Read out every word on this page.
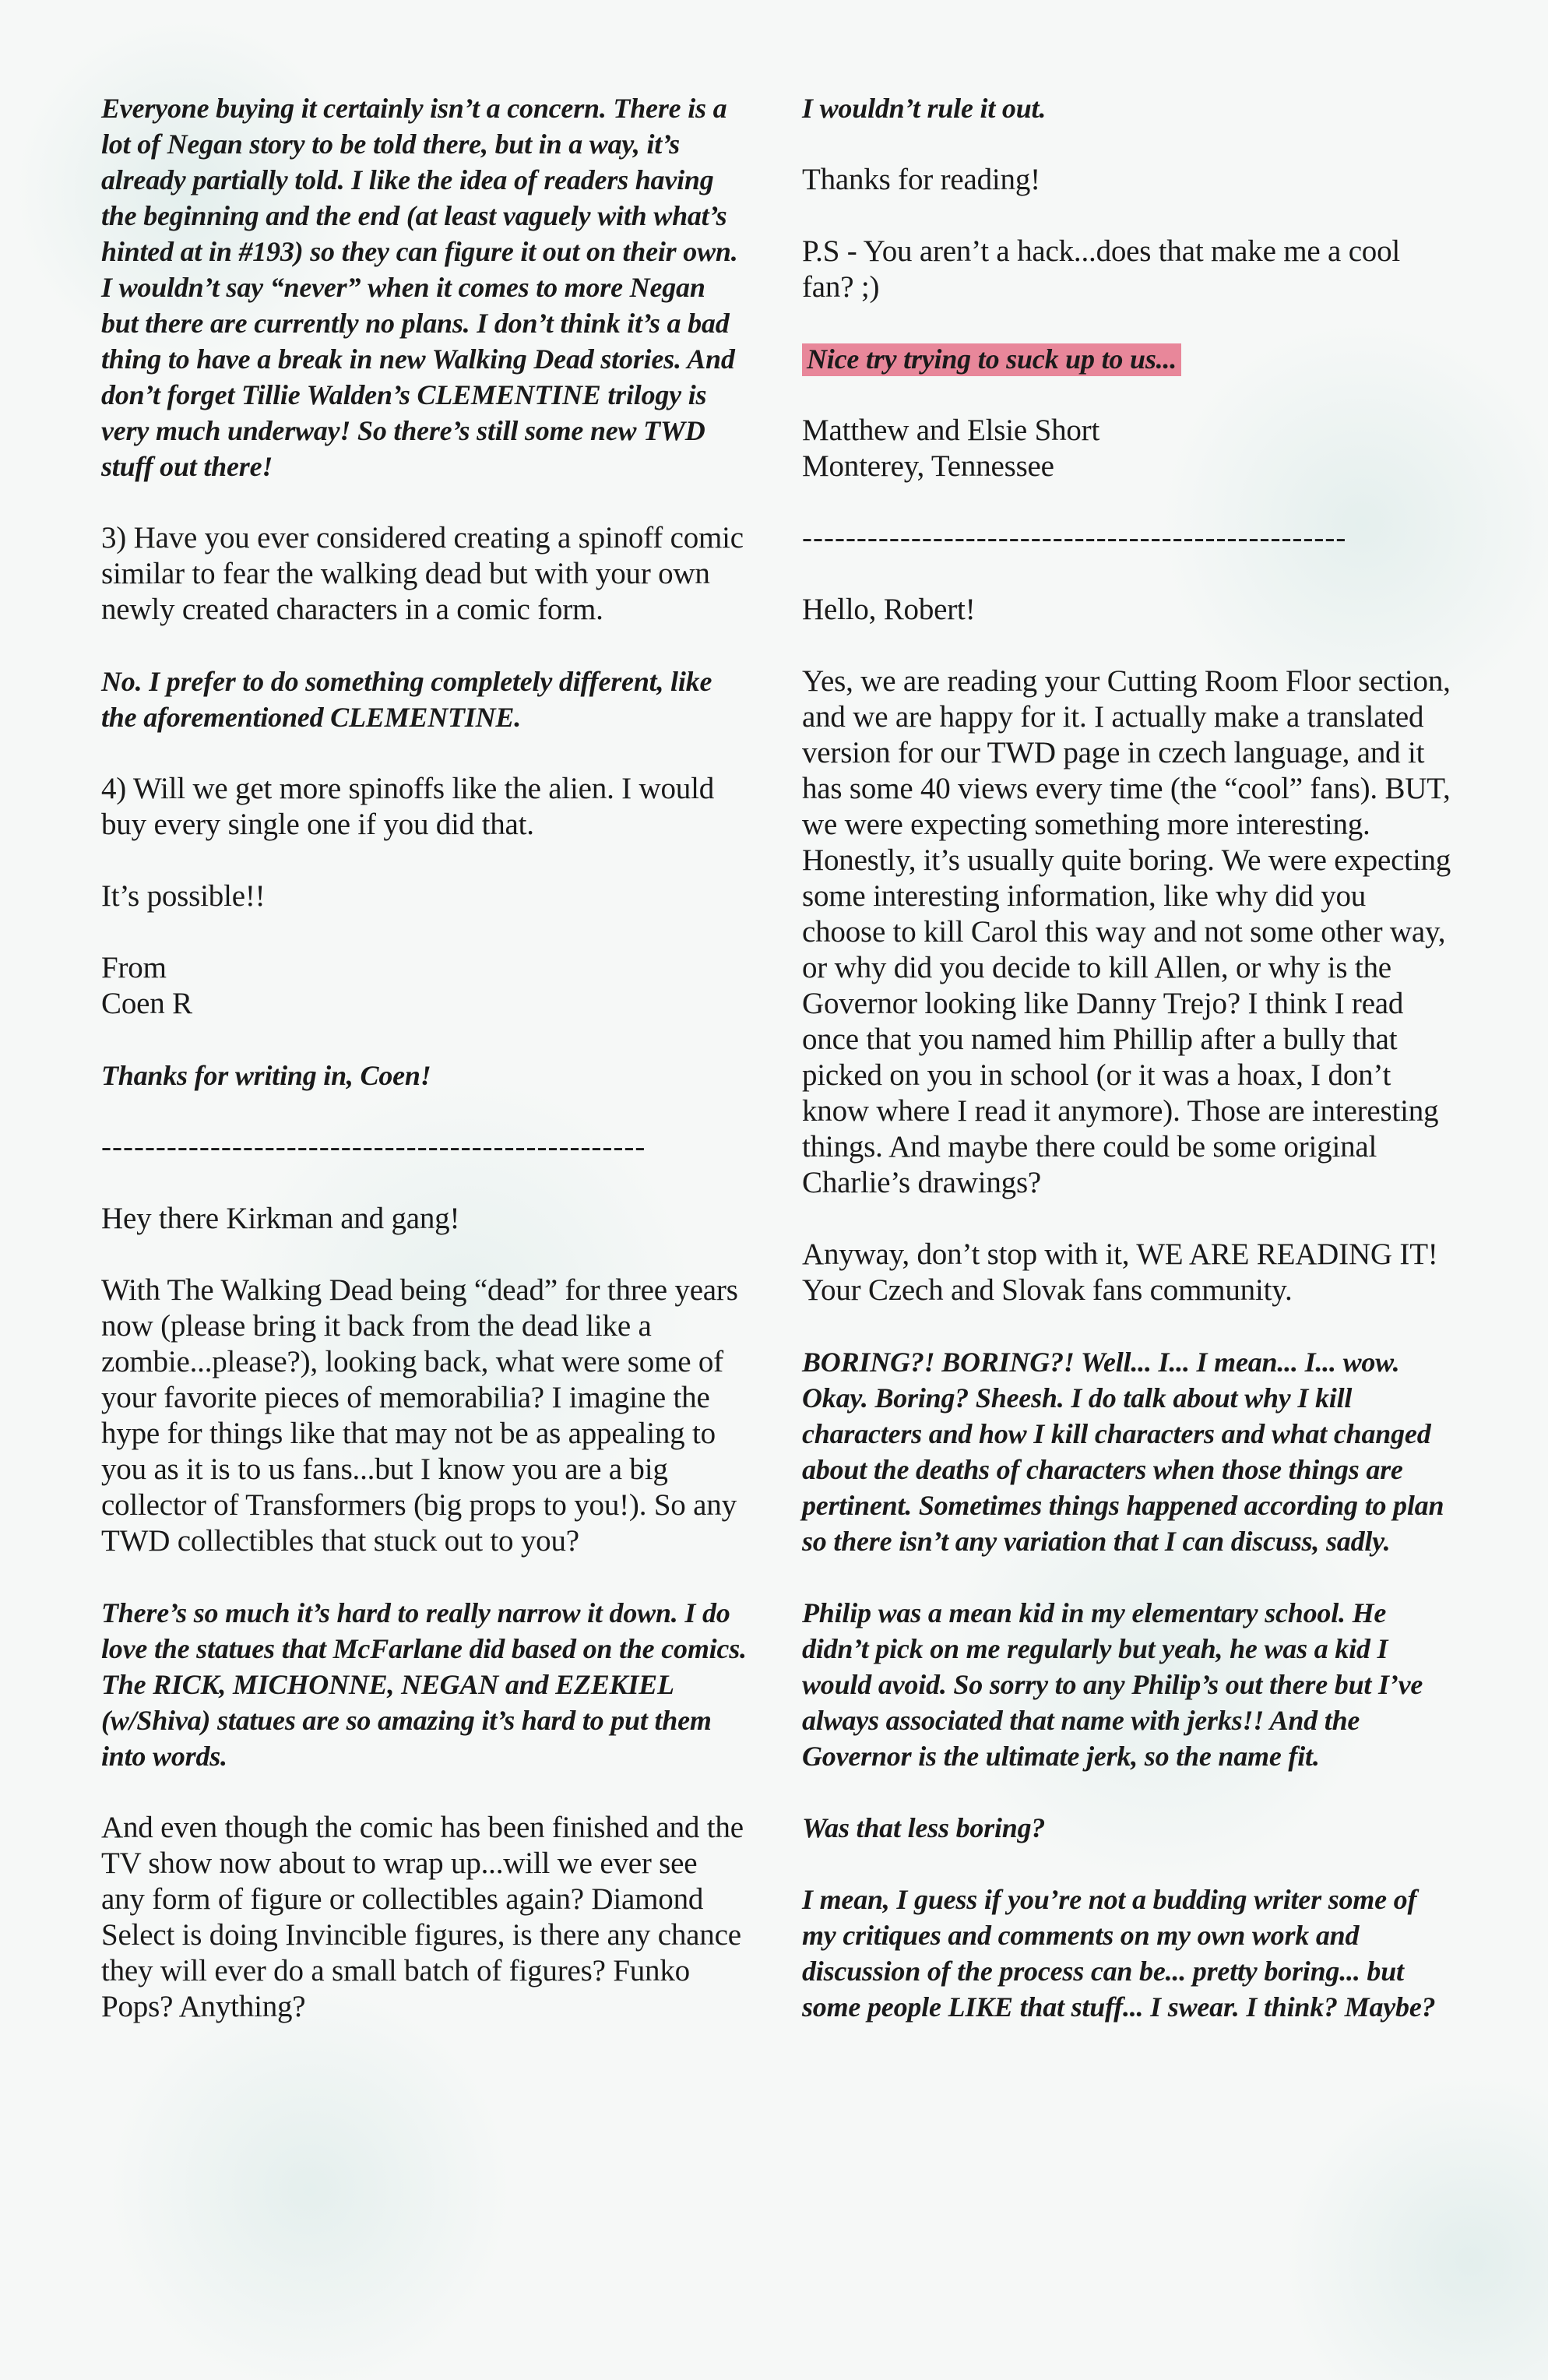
Everyone buying it certainly isn’t a concern. There is a lot of Negan story to be told there, but in a way, it’s already partially told. I like the idea of readers having the beginning and the end (at least vaguely with what’s hinted at in #193) so they can figure it out on their own. I wouldn’t say “never” when it comes to more Negan but there are currently no plans. I don’t think it’s a bad thing to have a break in new Walking Dead stories. And don’t forget Tillie Walden’s CLEMENTINE trilogy is very much underway! So there’s still some new TWD stuff out there!

3) Have you ever considered creating a spinoff comic similar to fear the walking dead but with your own newly created characters in a comic form.

No. I prefer to do something completely different, like the aforementioned CLEMENTINE.

4) Will we get more spinoffs like the alien. I would buy every single one if you did that.

It’s possible!!

From

Coen R

Thanks for writing in, Coen!

--------------------------------------------------

Hey there Kirkman and gang!

With The Walking Dead being “dead” for three years now (please bring it back from the dead like a zombie...please?), looking back, what were some of your favorite pieces of memorabilia? I imagine the hype for things like that may not be as appealing to you as it is to us fans...but I know you are a big collector of Transformers (big props to you!). So any TWD collectibles that stuck out to you?

There’s so much it’s hard to really narrow it down. I do love the statues that McFarlane did based on the comics. The RICK, MICHONNE, NEGAN and EZEKIEL (w/Shiva) statues are so amazing it’s hard to put them into words.

And even though the comic has been finished and the TV show now about to wrap up...will we ever see any form of figure or collectibles again? Diamond Select is doing Invincible figures, is there any chance they will ever do a small batch of figures? Funko Pops? Anything?

I wouldn’t rule it out.

Thanks for reading!

P.S - You aren’t a hack...does that make me a cool fan? ;)

Nice try trying to suck up to us...

Matthew and Elsie Short

Monterey, Tennessee

--------------------------------------------------

Hello, Robert!

Yes, we are reading your Cutting Room Floor section, and we are happy for it. I actually make a translated version for our TWD page in czech language, and it has some 40 views every time (the “cool” fans). BUT, we were expecting something more interesting. Honestly, it’s usually quite boring. We were expecting some interesting information, like why did you choose to kill Carol this way and not some other way, or why did you decide to kill Allen, or why is the Governor looking like Danny Trejo? I think I read once that you named him Phillip after a bully that picked on you in school (or it was a hoax, I don’t know where I read it anymore). Those are interesting things. And maybe there could be some original Charlie’s drawings?

Anyway, don’t stop with it, WE ARE READING IT!

Your Czech and Slovak fans community.

BORING?! BORING?! Well... I... I mean... I... wow. Okay. Boring? Sheesh. I do talk about why I kill characters and how I kill characters and what changed about the deaths of characters when those things are pertinent. Sometimes things happened according to plan so there isn’t any variation that I can discuss, sadly.

Philip was a mean kid in my elementary school. He didn’t pick on me regularly but yeah, he was a kid I would avoid. So sorry to any Philip’s out there but I’ve always associated that name with jerks!! And the Governor is the ultimate jerk, so the name fit.

Was that less boring?

I mean, I guess if you’re not a budding writer some of my critiques and comments on my own work and discussion of the process can be... pretty boring... but some people LIKE that stuff... I swear. I think? Maybe?
